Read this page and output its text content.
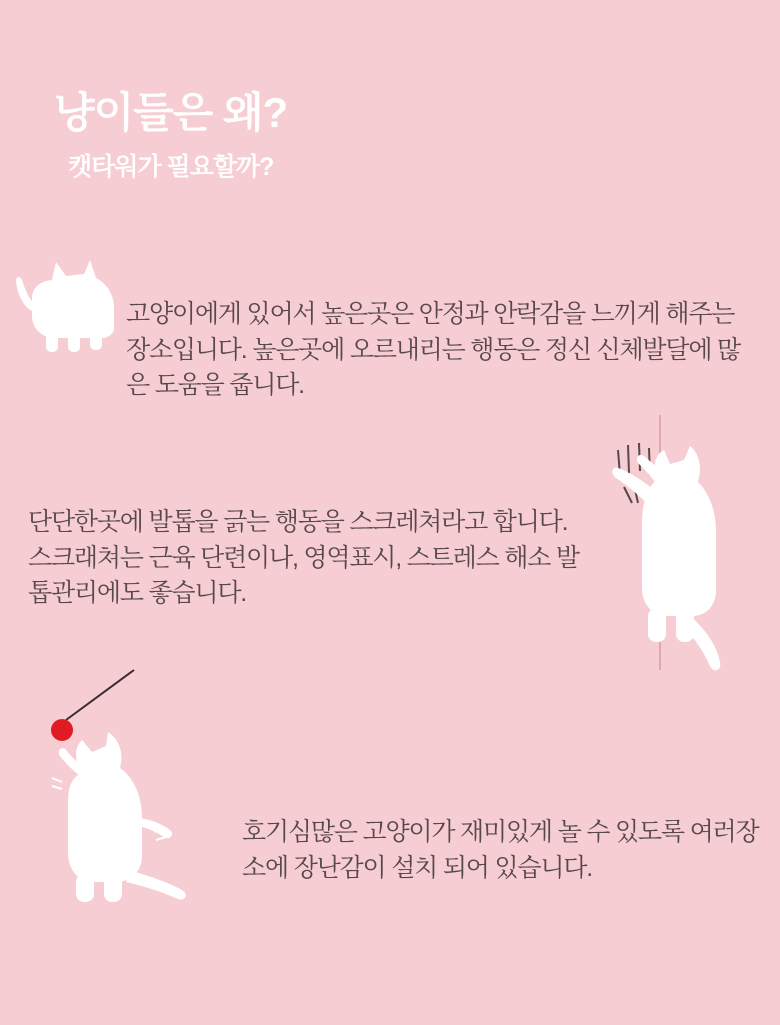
냥이들은 왜?
캣타워가 필요할까?

고양이에게 있어서 높은곳은 안정과 안락감을 느끼게 해주는 장소입니다. 높은곳에 오르내리는 행동은 정신 신체발달에 많은 도움을 줍니다.

단단한곳에 발톱을 긁는 행동을 스크레쳐라고 합니다.스크래쳐는 근육 단련이나, 영역표시, 스트레스 해소 발톱관리에도 좋습니다.

호기심많은 고양이가 재미있게 놀 수 있도록 여러장소에 장난감이 설치 되어 있습니다.
